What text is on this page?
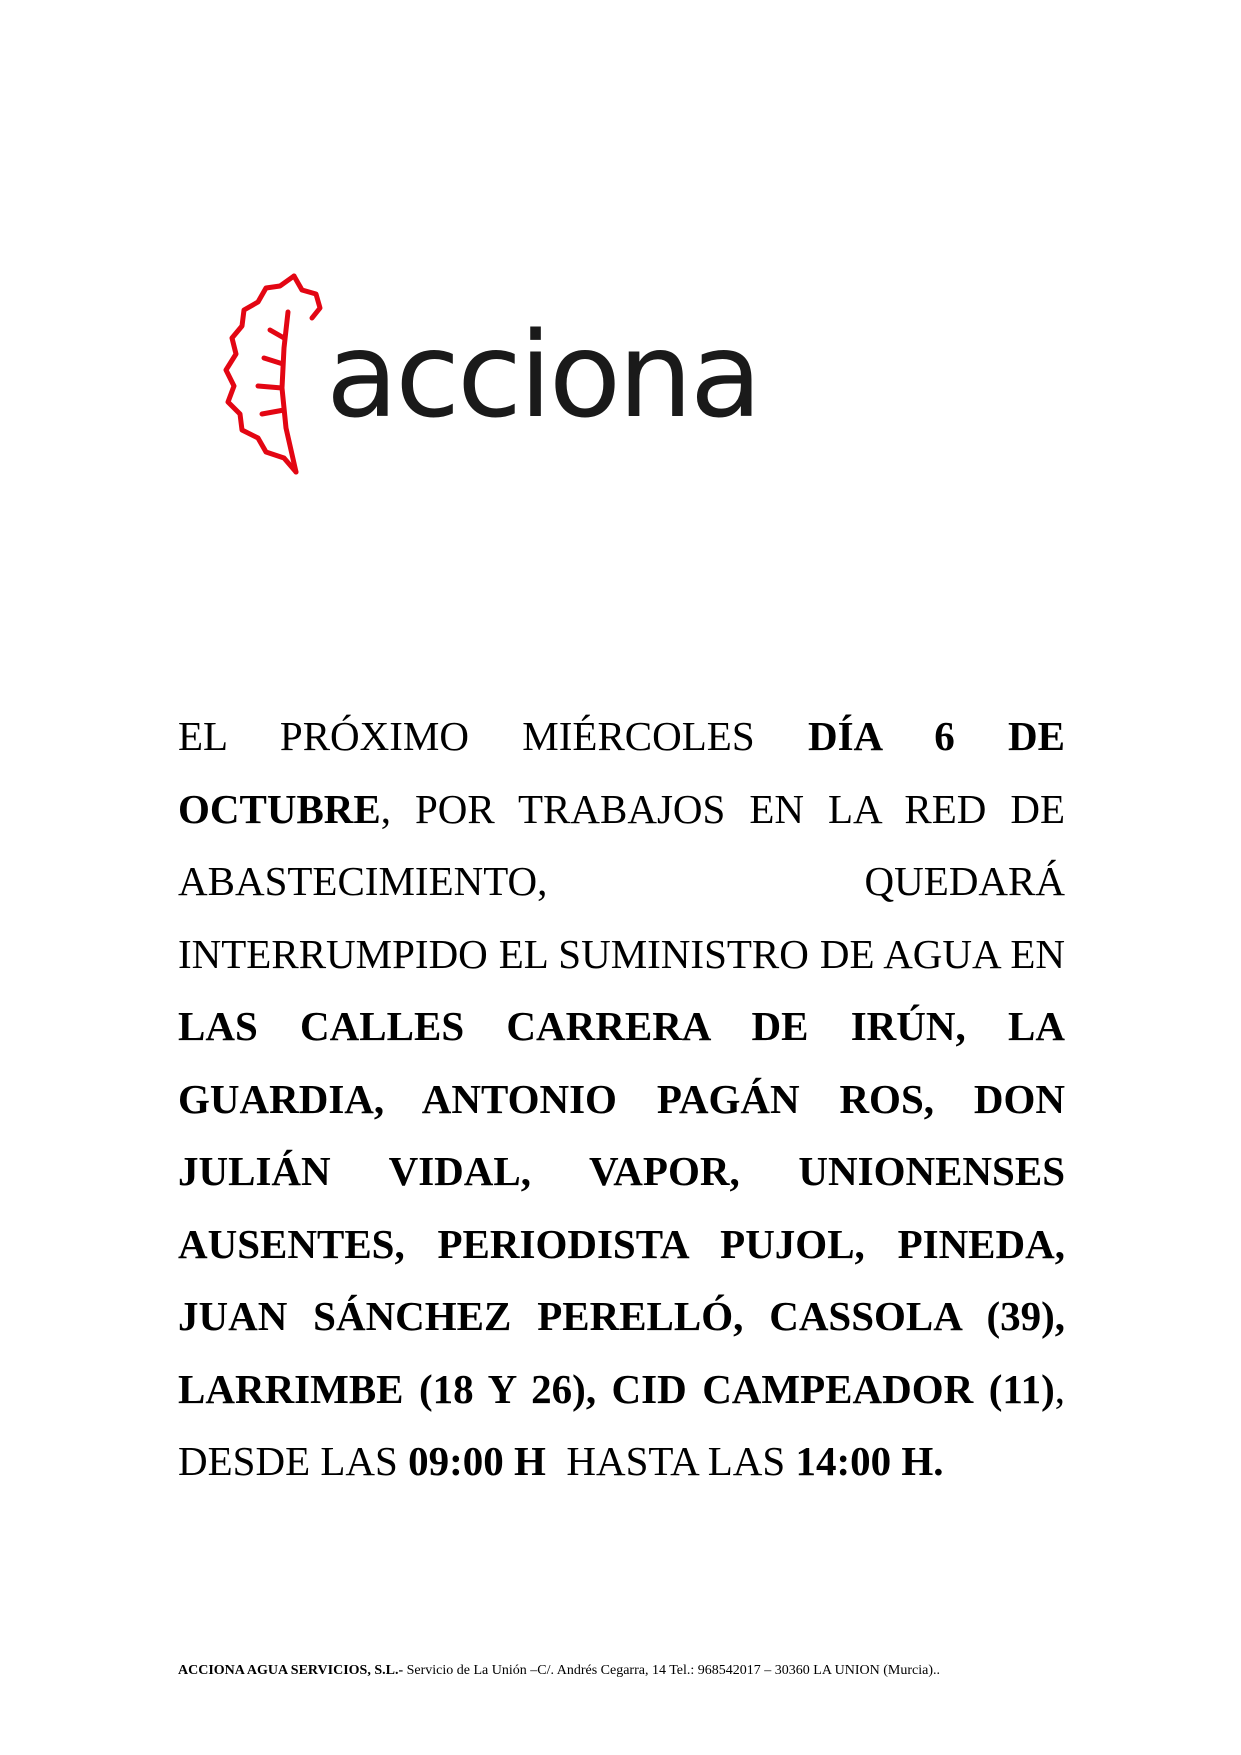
acciona

EL PRÓXIMO MIÉRCOLES DÍA 6 DE OCTUBRE, POR TRABAJOS EN LA RED DE ABASTECIMIENTO, QUEDARÁ INTERRUMPIDO EL SUMINISTRO DE AGUA EN LAS CALLES CARRERA DE IRÚN, LA GUARDIA, ANTONIO PAGÁN ROS, DON JULIÁN VIDAL, VAPOR, UNIONENSES AUSENTES, PERIODISTA PUJOL, PINEDA, JUAN SÁNCHEZ PERELLÓ, CASSOLA (39), LARRIMBE (18 Y 26), CID CAMPEADOR (11), DESDE LAS 09:00 H  HASTA LAS 14:00 H.

ACCIONA AGUA SERVICIOS, S.L.- Servicio de La Unión –C/. Andrés Cegarra, 14 Tel.: 968542017 – 30360 LA UNION (Murcia)..
